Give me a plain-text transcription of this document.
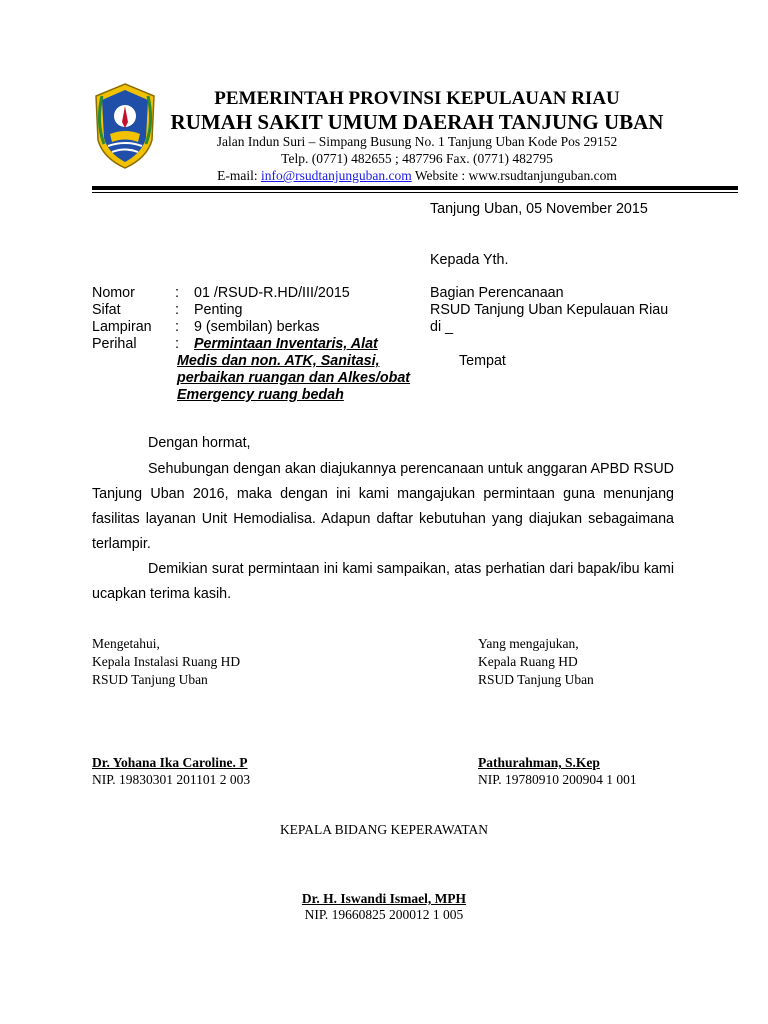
PEMERINTAH PROVINSI KEPULAUAN RIAU
RUMAH SAKIT UMUM DAERAH TANJUNG UBAN
Jalan Indun Suri – Simpang Busung No. 1 Tanjung Uban Kode Pos 29152
Telp. (0771) 482655 ; 487796 Fax. (0771) 482795
E-mail: info@rsudtanjunguban.com Website : www.rsudtanjunguban.com
Tanjung Uban, 05 November 2015
Kepada Yth.
Bagian Perencanaan
RSUD Tanjung Uban Kepulauan Riau
di _
Tempat
Nomor	: 01 /RSUD-R.HD/III/2015
Sifat	: Penting
Lampiran : 9 (sembilan) berkas
Perihal	:	Permintaan Inventaris, Alat Medis dan non. ATK, Sanitasi, perbaikan ruangan dan Alkes/obat Emergency ruang bedah
Dengan hormat,
Sehubungan dengan akan diajukannya perencanaan untuk anggaran APBD RSUD Tanjung Uban 2016, maka dengan ini kami mangajukan permintaan guna menunjang fasilitas layanan Unit Hemodialisa. Adapun daftar kebutuhan yang diajukan sebagaimana terlampir.
Demikian surat permintaan ini kami sampaikan, atas perhatian dari bapak/ibu kami ucapkan terima kasih.
Mengetahui,
Kepala Instalasi Ruang HD
RSUD Tanjung Uban
Dr. Yohana Ika Caroline. P
NIP. 19830301 201101 2 003
Yang mengajukan,
Kepala Ruang HD
RSUD Tanjung Uban
Pathurahman, S.Kep
NIP. 19780910 200904 1 001
KEPALA BIDANG KEPERAWATAN
Dr. H. Iswandi Ismael, MPH
NIP. 19660825 200012 1 005
